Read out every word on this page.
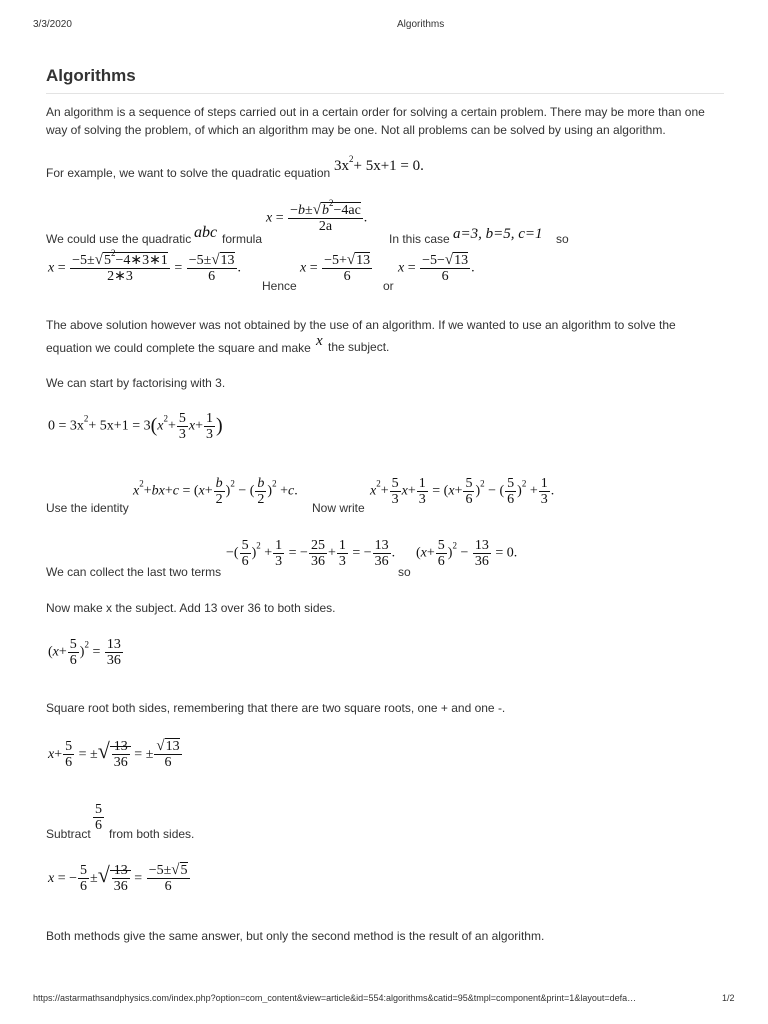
3/3/2020	Algorithms
Algorithms
An algorithm is a sequence of steps carried out in a certain order for solving a certain problem. There may be more than one way of solving the problem, of which an algorithm may be one. Not all problems can be solved by using an algorithm.
For example, we want to solve the quadratic equation $3x^2+ 5x+1 = 0$.
We could use the quadratic abc formula
$x = \frac{-b\pm√b^2-4ac}{2a}$ .
In this case a=3, b=5, c=1 so
$x = \frac{-5\pm√5^2-4∗3∗1}{2∗3} = \frac{-5\pm√13}{6}$ .
Hence
$x = \frac{-5+√13}{6}$
or
$x = \frac{-5-√13}{6}$ .
The above solution however was not obtained by the use of an algorithm. If we wanted to use an algorithm to solve the equation we could complete the square and make x the subject.
We can start by factorising with 3.
$0 = 3x^2+ 5x+1 = 3(x^2+ \frac{5}{3} x+ \frac{1}{3}$ )
Use the identity
$x^2+bx+c = (x+ \frac{b}{2} )^2$ − ( $\frac{b}{2} )^2 +c$.
Now write
$x^2+ \frac{5}{3} x+ \frac{1}{3} = (x+ \frac{5}{6} )^2$ − ( $\frac{5}{6} )^2 + \frac{1}{3}$ .
We can collect the last two terms
−( $\frac{5}{6} )^2 + \frac{1}{3}$ = − $\frac{25}{36} + \frac{1}{3}$ = − $\frac{13}{36}$ .
so
$(x+ \frac{5}{6} )^2 - \frac{13}{36} = 0$.
Now make x the subject. Add 13 over 36 to both sides.
$(x+ \frac{5}{6} )^2 = \frac{13}{36}$
Square root both sides, remembering that there are two square roots, one + and one -.
$x+ \frac{5}{6}$ = ±√ $\frac{13}{36}$ = ± $\frac{√13}{6}$
Subtract
$\frac{5}{6}$
from both sides.
x = − $\frac{5}{6}$ ±√ $\frac{13}{36} = \frac{-5\pm√5}{6}$
Both methods give the same answer, but only the second method is the result of an algorithm.
https://astarmathsandphysics.com/index.php?option=com_content&view=article&id=554:algorithms&catid=95&tmpl=component&print=1&layout=defa…	1/2
